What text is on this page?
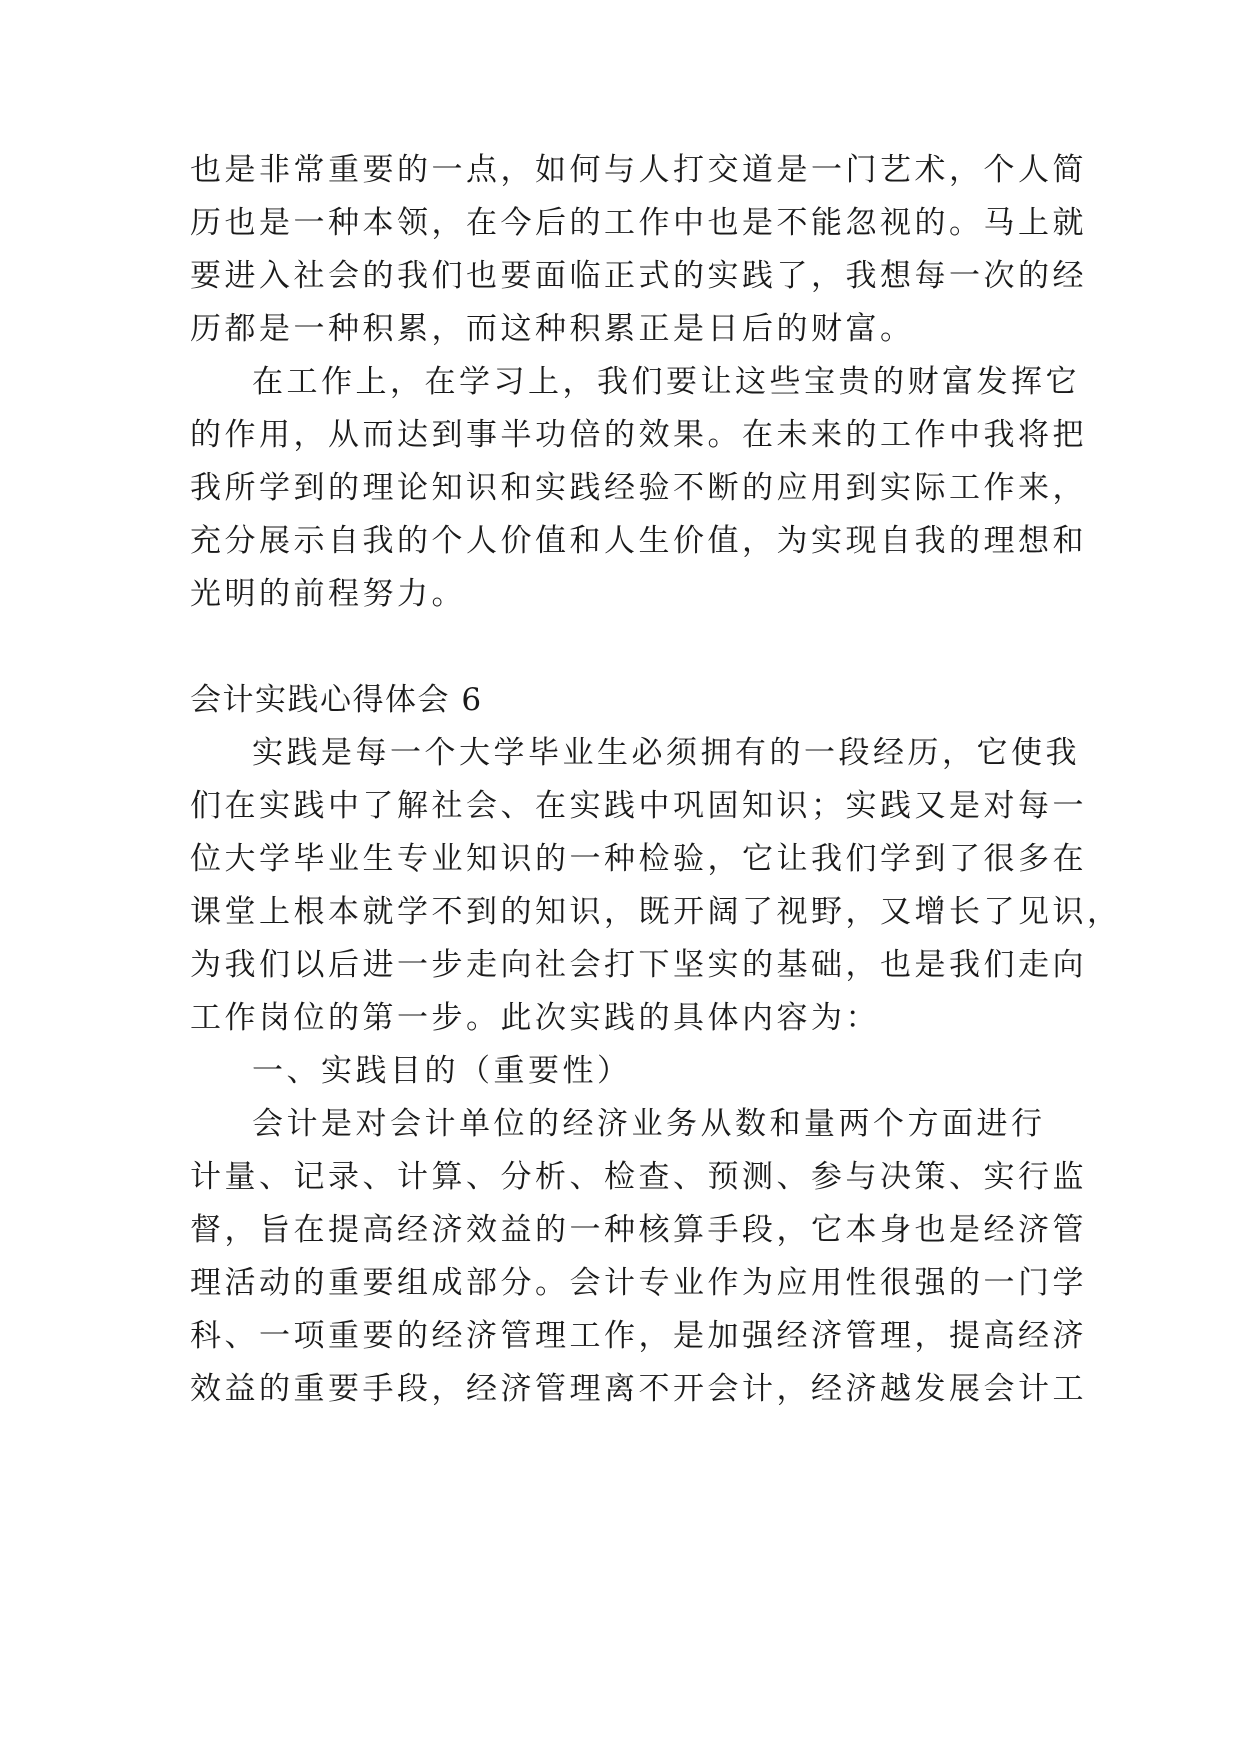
也是非常重要的一点，如何与人打交道是一门艺术，个人简
历也是一种本领，在今后的工作中也是不能忽视的。马上就
要进入社会的我们也要面临正式的实践了，我想每一次的经
历都是一种积累，而这种积累正是日后的财富。
在工作上，在学习上，我们要让这些宝贵的财富发挥它
的作用，从而达到事半功倍的效果。在未来的工作中我将把
我所学到的理论知识和实践经验不断的应用到实际工作来，
充分展示自我的个人价值和人生价值，为实现自我的理想和
光明的前程努力。
会计实践心得体会 6
实践是每一个大学毕业生必须拥有的一段经历，它使我
们在实践中了解社会、在实践中巩固知识；实践又是对每一
位大学毕业生专业知识的一种检验，它让我们学到了很多在
课堂上根本就学不到的知识，既开阔了视野，又增长了见识，
为我们以后进一步走向社会打下坚实的基础，也是我们走向
工作岗位的第一步。此次实践的具体内容为：
一、实践目的（重要性）
会计是对会计单位的经济业务从数和量两个方面进行
计量、记录、计算、分析、检查、预测、参与决策、实行监
督，旨在提高经济效益的一种核算手段，它本身也是经济管
理活动的重要组成部分。会计专业作为应用性很强的一门学
科、一项重要的经济管理工作，是加强经济管理，提高经济
效益的重要手段，经济管理离不开会计，经济越发展会计工
